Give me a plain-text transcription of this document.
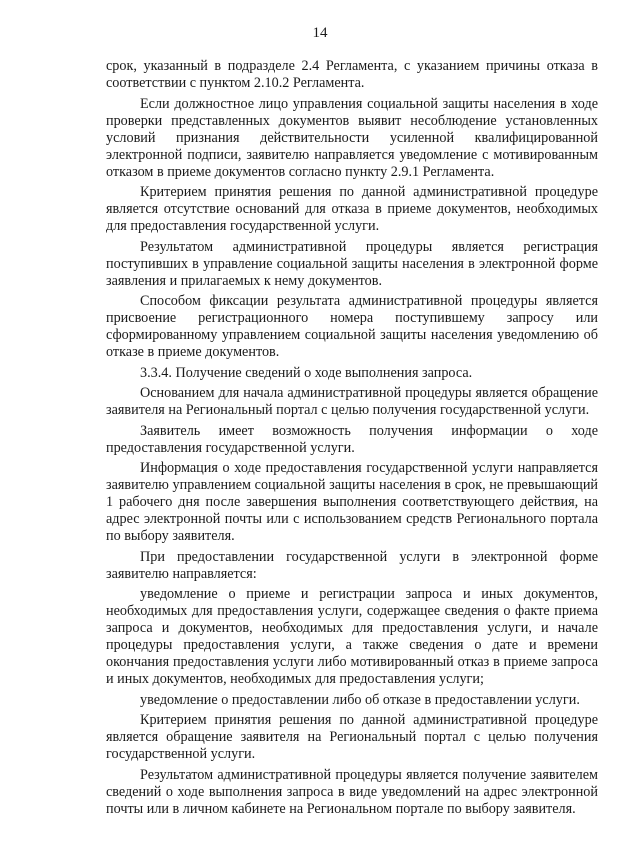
14

срок, указанный в подразделе 2.4 Регламента, с указанием причины отказа в соответствии с пунктом 2.10.2 Регламента.

Если должностное лицо управления социальной защиты населения в ходе проверки представленных документов выявит несоблюдение установленных условий признания действительности усиленной квалифицированной электронной подписи, заявителю направляется уведомление с мотивированным отказом в приеме документов согласно пункту 2.9.1 Регламента.

Критерием принятия решения по данной административной процедуре является отсутствие оснований для отказа в приеме документов, необходимых для предоставления государственной услуги.

Результатом административной процедуры является регистрация поступивших в управление социальной защиты населения в электронной форме заявления и прилагаемых к нему документов.

Способом фиксации результата административной процедуры является присвоение регистрационного номера поступившему запросу или сформированному управлением социальной защиты населения уведомлению об отказе в приеме документов.

3.3.4. Получение сведений о ходе выполнения запроса.

Основанием для начала административной процедуры является обращение заявителя на Региональный портал с целью получения государственной услуги.

Заявитель имеет возможность получения информации о ходе предоставления государственной услуги.

Информация о ходе предоставления государственной услуги направляется заявителю управлением социальной защиты населения в срок, не превышающий 1 рабочего дня после завершения выполнения соответствующего действия, на адрес электронной почты или с использованием средств Регионального портала по выбору заявителя.

При предоставлении государственной услуги в электронной форме заявителю направляется:

уведомление о приеме и регистрации запроса и иных документов, необходимых для предоставления услуги, содержащее сведения о факте приема запроса и документов, необходимых для предоставления услуги, и начале процедуры предоставления услуги, а также сведения о дате и времени окончания предоставления услуги либо мотивированный отказ в приеме запроса и иных документов, необходимых для предоставления услуги;

уведомление о предоставлении либо об отказе в предоставлении услуги.

Критерием принятия решения по данной административной процедуре является обращение заявителя на Региональный портал с целью получения государственной услуги.

Результатом административной процедуры является получение заявителем сведений о ходе выполнения запроса в виде уведомлений на адрес электронной почты или в личном кабинете на Региональном портале по выбору заявителя.
